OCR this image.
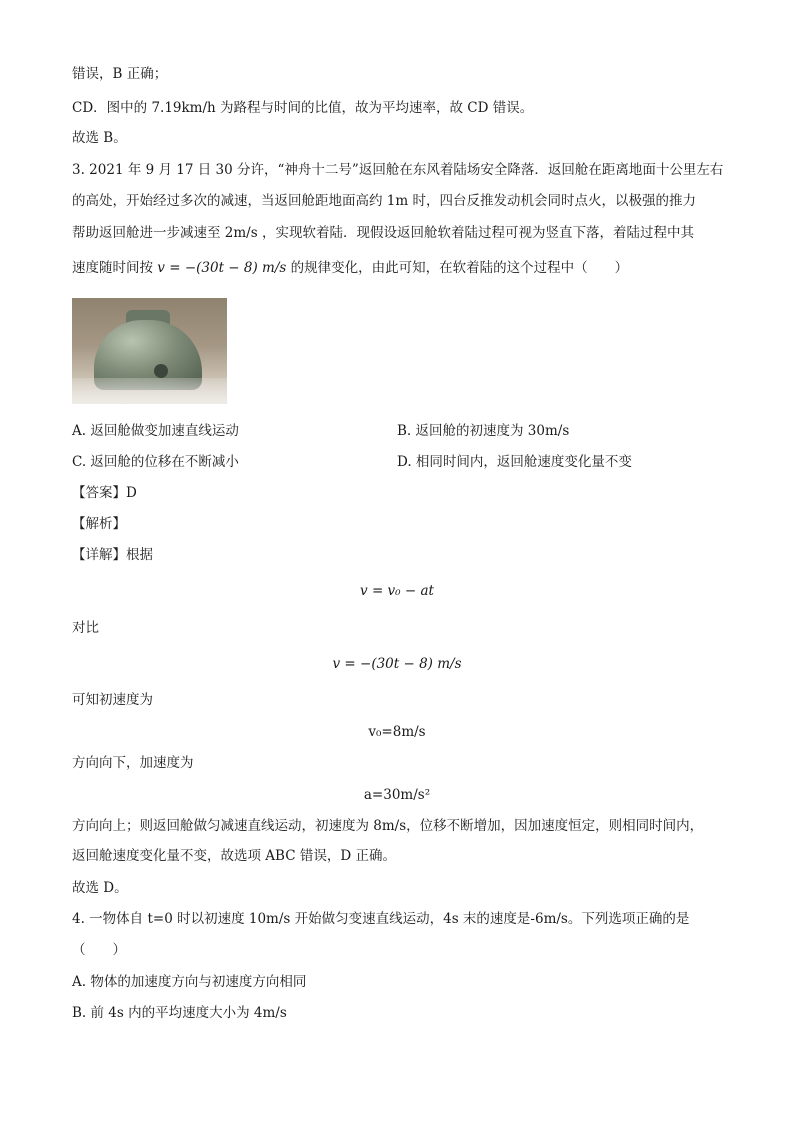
错误，B 正确；
CD．图中的 7.19km/h 为路程与时间的比值，故为平均速率，故 CD 错误。
故选 B。
3. 2021 年 9 月 17 日 30 分许，“神舟十二号”返回舱在东风着陆场安全降落．返回舱在距离地面十公里左右
的高处，开始经过多次的减速，当返回舱距地面高约 1m 时，四台反推发动机会同时点火，以极强的推力
帮助返回舱进一步减速至 2m/s ，实现软着陆．现假设返回舱软着陆过程可视为竖直下落，着陆过程中其
速度随时间按 v = −(30t − 8) m/s 的规律变化，由此可知，在软着陆的这个过程中（　　）
A. 返回舱做变加速直线运动	B. 返回舱的初速度为 30m/s
C. 返回舱的位移在不断减小	D. 相同时间内，返回舱速度变化量不变
【答案】D
【解析】
【详解】根据
v = v₀ − at
对比
v = −(30t − 8) m/s
可知初速度为
v₀=8m/s
方向向下，加速度为
a=30m/s²
方向向上；则返回舱做匀减速直线运动，初速度为 8m/s，位移不断增加，因加速度恒定，则相同时间内，
返回舱速度变化量不变，故选项 ABC 错误，D 正确。
故选 D。
4. 一物体自 t=0 时以初速度 10m/s 开始做匀变速直线运动，4s 末的速度是-6m/s。下列选项正确的是
（　　）
A. 物体的加速度方向与初速度方向相同
B. 前 4s 内的平均速度大小为 4m/s
